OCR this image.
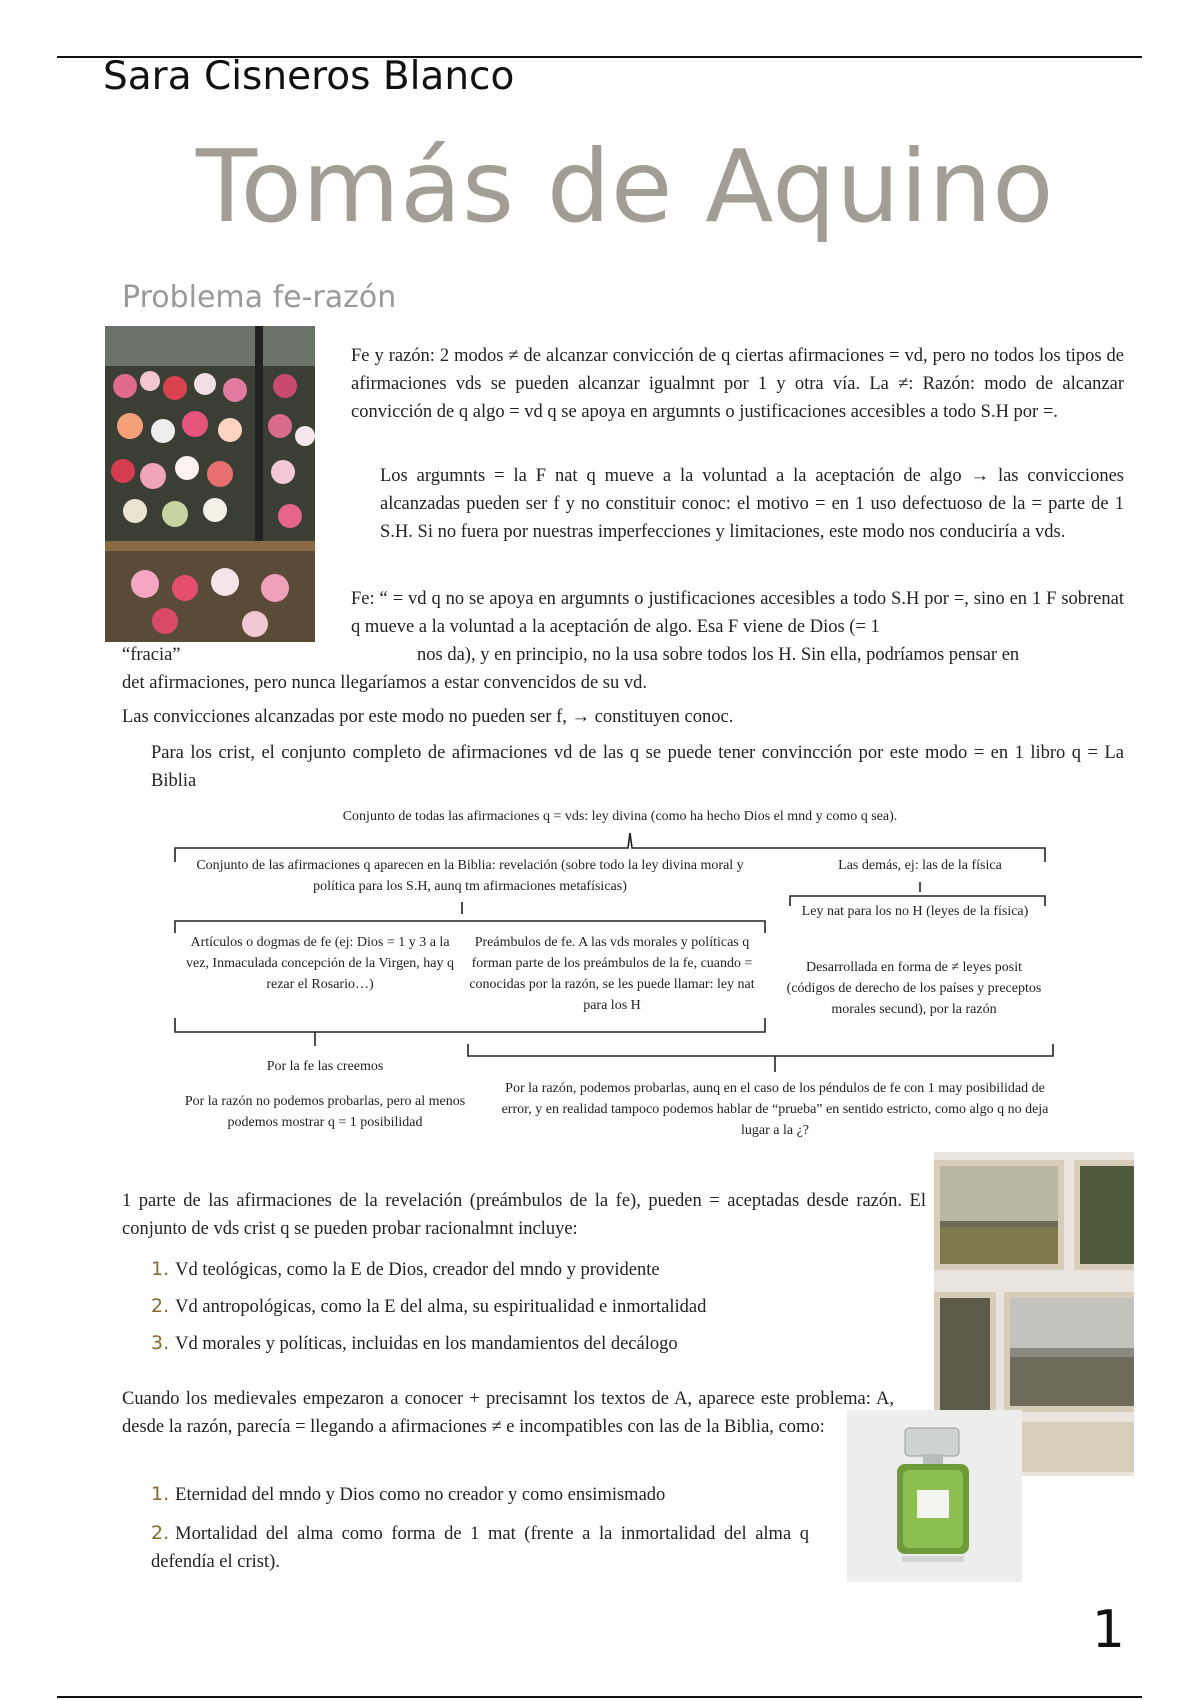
Sara Cisneros Blanco
Tomás de Aquino
Problema fe-razón
Fe y razón: 2 modos ≠ de alcanzar convicción de q ciertas afirmaciones = vd, pero no todos los tipos de afirmaciones vds se pueden alcanzar igualmnt por 1 y otra vía. La ≠: Razón: modo de alcanzar convicción de q algo = vd q se apoya en argumnts o justificaciones accesibles a todo S.H por =.
Los argumnts = la F nat q mueve a la voluntad a la aceptación de algo → las convicciones alcanzadas pueden ser f y no constituir conoc: el motivo = en 1 uso defectuoso de la = parte de 1 S.H. Si no fuera por nuestras imperfecciones y limitaciones, este modo nos conduciría a vds.
Fe: “ = vd q no se apoya en argumnts o justificaciones accesibles a todo S.H por =, sino en 1 F sobrenat q mueve a la voluntad a la aceptación de algo. Esa F viene de Dios (= 1
“fracia”	nos da), y en principio, no la usa sobre todos los H. Sin ella, podríamos pensar en
det afirmaciones, pero nunca llegaríamos a estar convencidos de su vd.
Las convicciones alcanzadas por este modo no pueden ser f, → constituyen conoc.
Para los crist, el conjunto completo de afirmaciones vd de las q se puede tener convincción por este modo = en 1 libro q = La Biblia
Conjunto de todas las afirmaciones q = vds: ley divina (como ha hecho Dios el mnd y como q sea).
Conjunto de las afirmaciones q aparecen en la Biblia: revelación (sobre todo la ley divina moral y política para los S.H, aunq tm afirmaciones metafísicas)
Las demás, ej: las de la física
Ley nat para los no H (leyes de la física)
Artículos o dogmas de fe (ej: Dios = 1 y 3 a la vez, Inmaculada concepción de la Virgen, hay q rezar el Rosario…)
Preámbulos de fe. A las vds morales y políticas q forman parte de los preámbulos de la fe, cuando = conocidas por la razón, se les puede llamar: ley nat para los H
Desarrollada en forma de ≠ leyes posit (códigos de derecho de los países y preceptos morales secund), por la razón
Por la fe las creemos
Por la razón no podemos probarlas, pero al menos podemos mostrar q = 1 posibilidad
Por la razón, podemos probarlas, aunq en el caso de los péndulos de fe con 1 may posibilidad de error, y en realidad tampoco podemos hablar de “prueba” en sentido estricto, como algo q no deja lugar a la ¿?
1 parte de las afirmaciones de la revelación (preámbulos de la fe), pueden = aceptadas desde razón. El conjunto de vds crist q se pueden probar racionalmnt incluye:
1. Vd teológicas, como la E de Dios, creador del mndo y providente
2. Vd antropológicas, como la E del alma, su espiritualidad e inmortalidad
3. Vd morales y políticas, incluidas en los mandamientos del decálogo
Cuando los medievales empezaron a conocer + precisamnt los textos de A, aparece este problema: A, desde la razón, parecía = llegando a afirmaciones ≠ e incompatibles con las de la Biblia, como:
1. Eternidad del mndo y Dios como no creador y como ensimismado
2. Mortalidad del alma como forma de 1 mat (frente a la inmortalidad del alma q defendía el crist).
1
